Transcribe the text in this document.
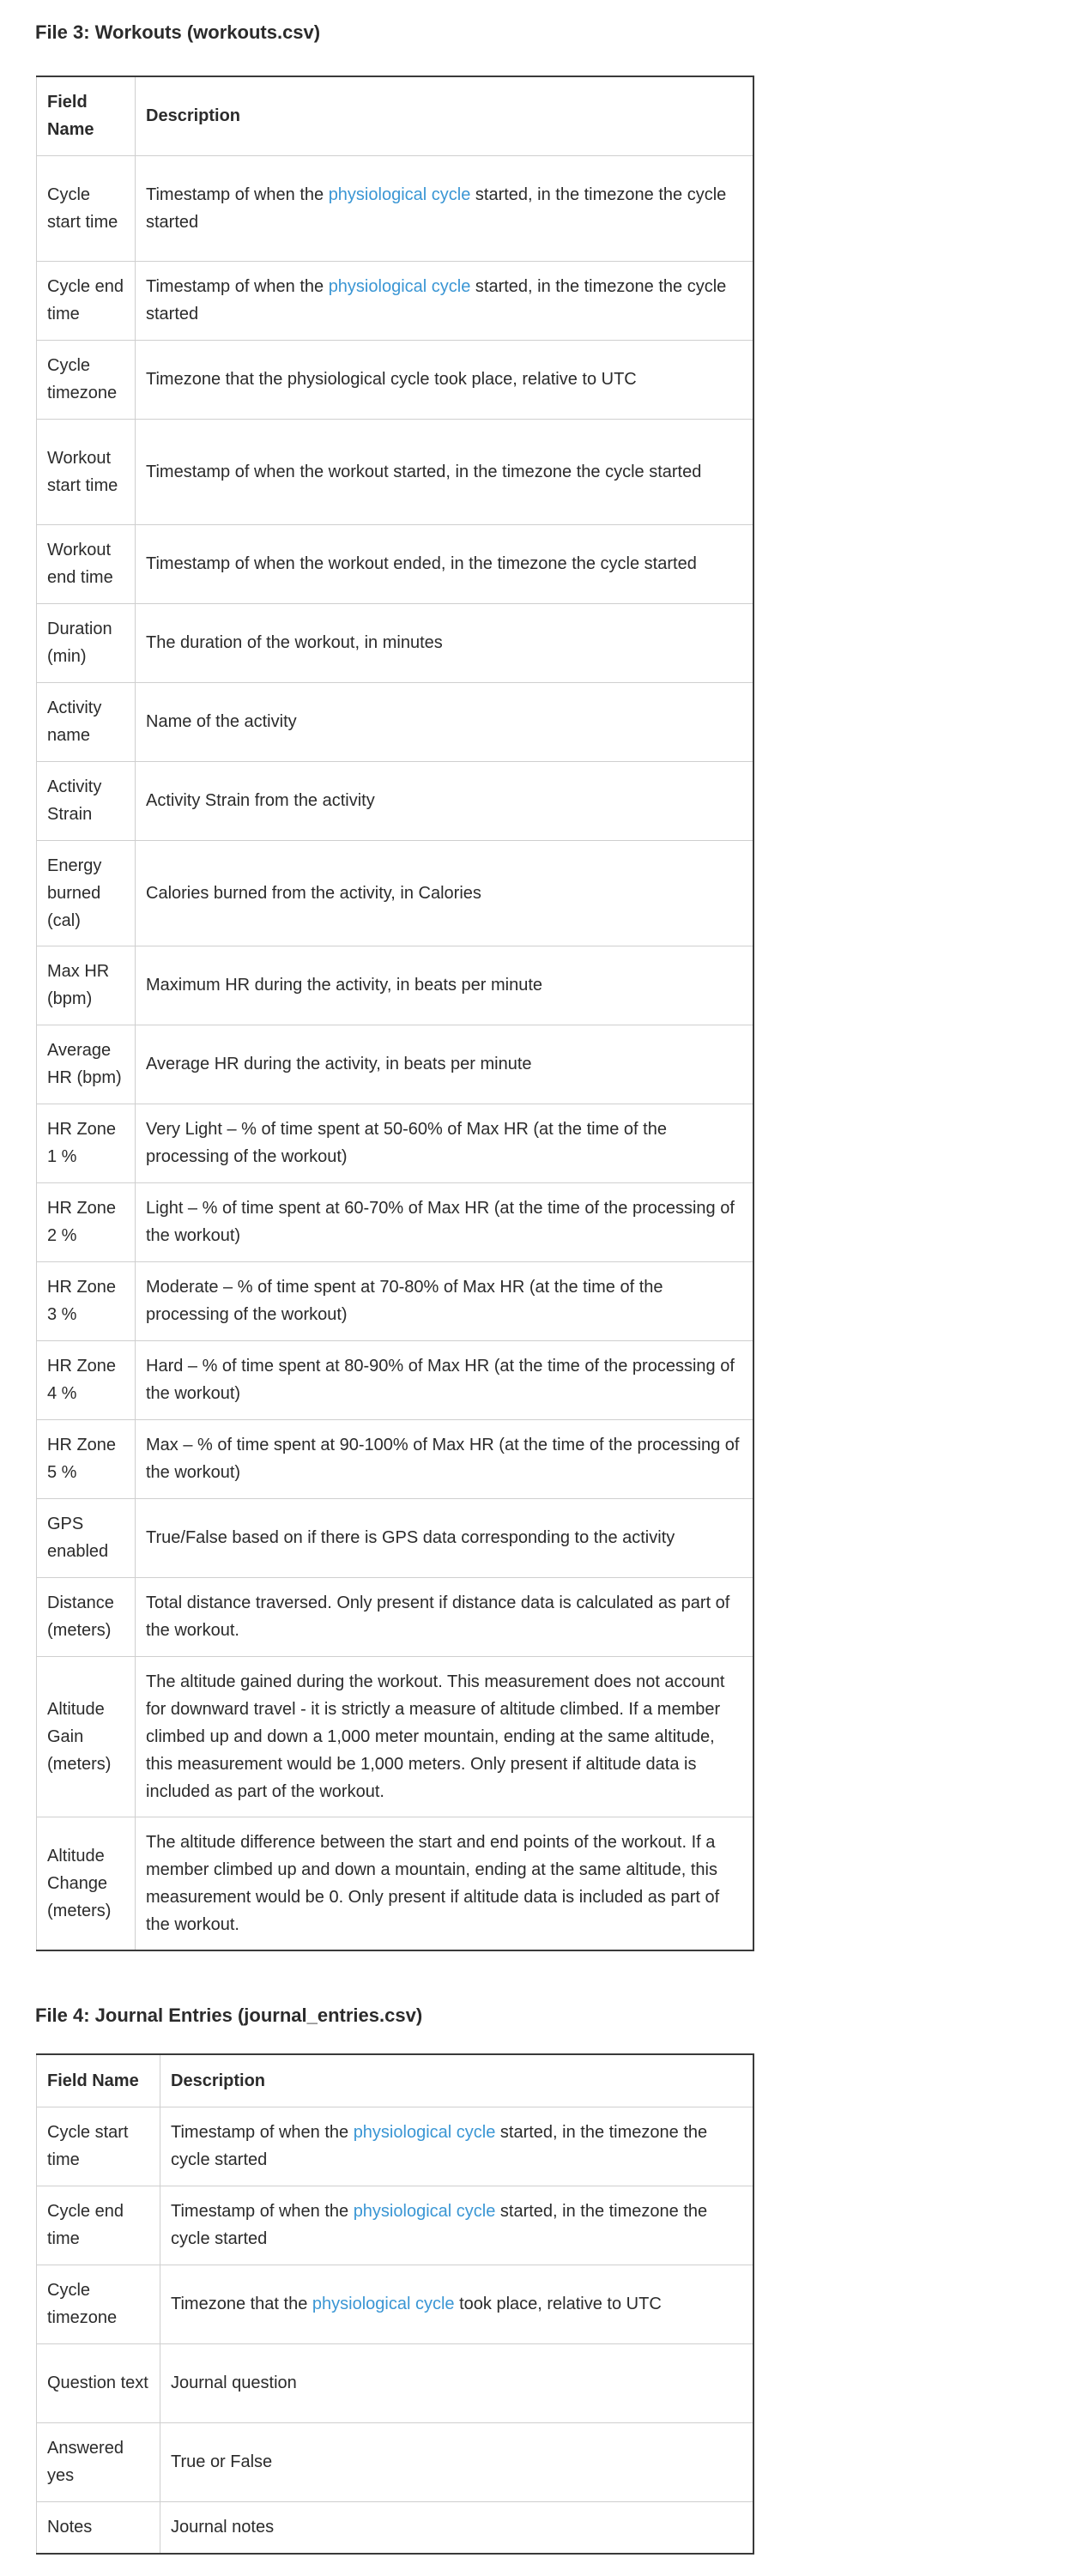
File 3: Workouts (workouts.csv)
Field Name	Description
Cycle start time	Timestamp of when the physiological cycle started, in the timezone the cycle started
Cycle end time	Timestamp of when the physiological cycle started, in the timezone the cycle started
Cycle timezone	Timezone that the physiological cycle took place, relative to UTC
Workout start time	Timestamp of when the workout started, in the timezone the cycle started
Workout end time	Timestamp of when the workout ended, in the timezone the cycle started
Duration (min)	The duration of the workout, in minutes
Activity name	Name of the activity
Activity Strain	Activity Strain from the activity
Energy burned (cal)	Calories burned from the activity, in Calories
Max HR (bpm)	Maximum HR during the activity, in beats per minute
Average HR (bpm)	Average HR during the activity, in beats per minute
HR Zone 1 %	Very Light – % of time spent at 50-60% of Max HR (at the time of the processing of the workout)
HR Zone 2 %	Light – % of time spent at 60-70% of Max HR (at the time of the processing of the workout)
HR Zone 3 %	Moderate – % of time spent at 70-80% of Max HR (at the time of the processing of the workout)
HR Zone 4 %	Hard – % of time spent at 80-90% of Max HR (at the time of the processing of the workout)
HR Zone 5 %	Max – % of time spent at 90-100% of Max HR (at the time of the processing of the workout)
GPS enabled	True/False based on if there is GPS data corresponding to the activity
Distance (meters)	Total distance traversed. Only present if distance data is calculated as part of the workout.
Altitude Gain (meters)	The altitude gained during the workout. This measurement does not account for downward travel - it is strictly a measure of altitude climbed. If a member climbed up and down a 1,000 meter mountain, ending at the same altitude, this measurement would be 1,000 meters. Only present if altitude data is included as part of the workout.
Altitude Change (meters)	The altitude difference between the start and end points of the workout. If a member climbed up and down a mountain, ending at the same altitude, this measurement would be 0. Only present if altitude data is included as part of the workout.
File 4: Journal Entries (journal_entries.csv)
Field Name	Description
Cycle start time	Timestamp of when the physiological cycle started, in the timezone the cycle started
Cycle end time	Timestamp of when the physiological cycle started, in the timezone the cycle started
Cycle timezone	Timezone that the physiological cycle took place, relative to UTC
Question text	Journal question
Answered yes	True or False
Notes	Journal notes
